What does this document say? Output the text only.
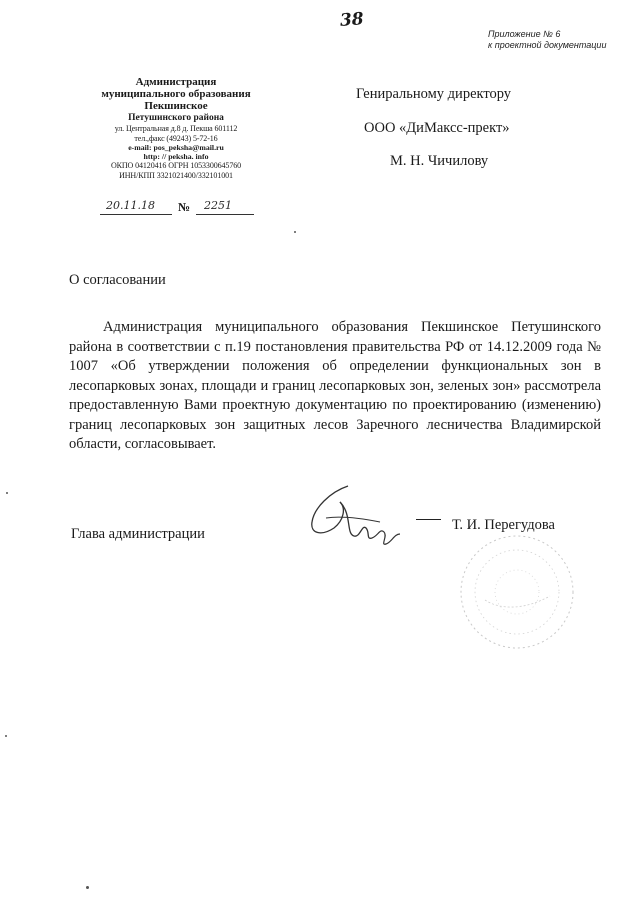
38
Приложение № 6
к проектной документации
Администрация
муниципального образования
Пекшинское
Петушинского района
ул. Центральная д.8 д. Пекша 601112
тел.,факс (49243) 5-72-16
e-mail: pos_peksha@mail.ru
http: // peksha. info
ОКПО 04120416 ОГРН 1053300645760
ИНН/КПП 3321021400/332101001
20.11.18 № 2251
Гениральному директору
ООО «ДиМаксс-прект»
М. Н. Чичилову
О согласовании
Администрация муниципального образования Пекшинское Петушинского района в соответствии с п.19 постановления правительства РФ от 14.12.2009 года № 1007 «Об утверждении положения об определении функциональных зон в лесопарковых зонах, площади и границ лесопарковых зон, зеленых зон» рассмотрела предоставленную Вами проектную документацию по проектированию (изменению) границ лесопарковых зон защитных лесов Заречного лесничества Владимирской области, согласовывает.
Глава администрации
Т. И. Перегудова
